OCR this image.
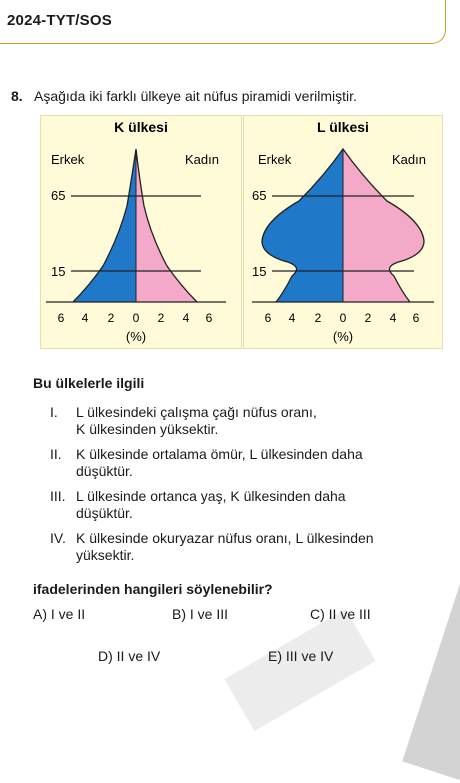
2024-TYT/SOS
8. Aşağıda iki farklı ülkeye ait nüfus piramidi verilmiştir.
K ülkesi
Erkek	Kadın
65
15
6 4 2 0 2 4 6
(%)
L ülkesi
Erkek	Kadın
65
15
6 4 2 0 2 4 6
(%)
Bu ülkelerle ilgili
I. L ülkesindeki çalışma çağı nüfus oranı,
K ülkesinden yüksektir.
II. K ülkesinde ortalama ömür, L ülkesinden daha
düşüktür.
III. L ülkesinde ortanca yaş, K ülkesinden daha
düşüktür.
IV. K ülkesinde okuryazar nüfus oranı, L ülkesinden
yüksektir.
ifadelerinden hangileri söylenebilir?
A) I ve II	B) I ve III	C) II ve III
D) II ve IV	E) III ve IV
